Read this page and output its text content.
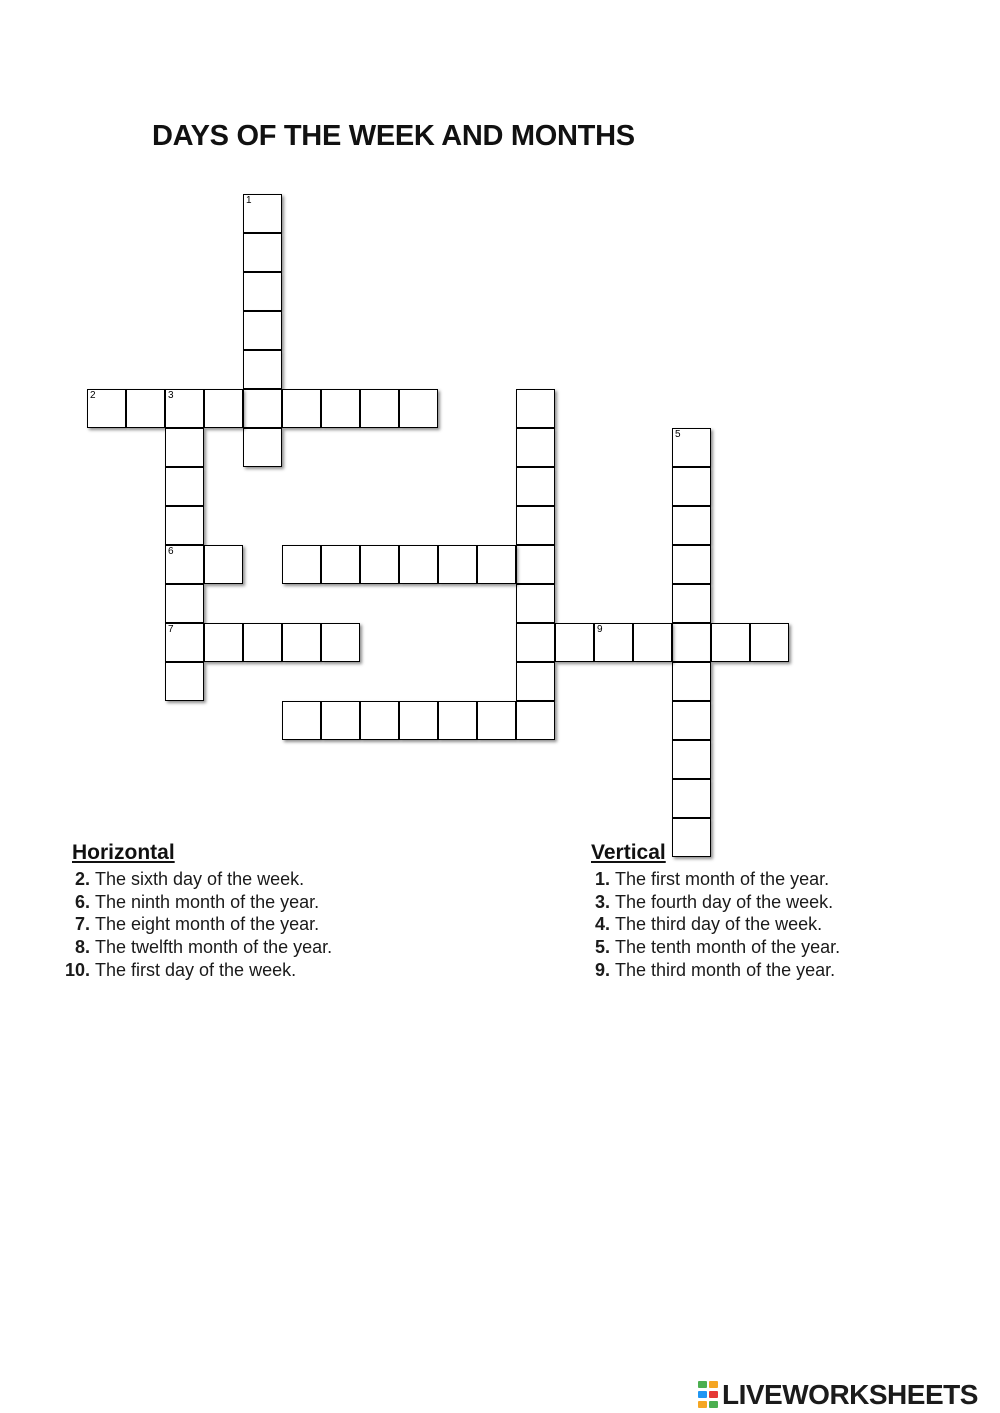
DAYS OF THE WEEK AND MONTHS
1
2	3
6
7
5
9
Horizontal	Vertical
2. The sixth day of the week.
6. The ninth month of the year.
7. The eight month of the year.
8. The twelfth month of the year.
10. The first day of the week.
1. The first month of the year.
3. The fourth day of the week.
4. The third day of the week.
5. The tenth month of the year.
9. The third month of the year.
LIVEWORKSHEETS
